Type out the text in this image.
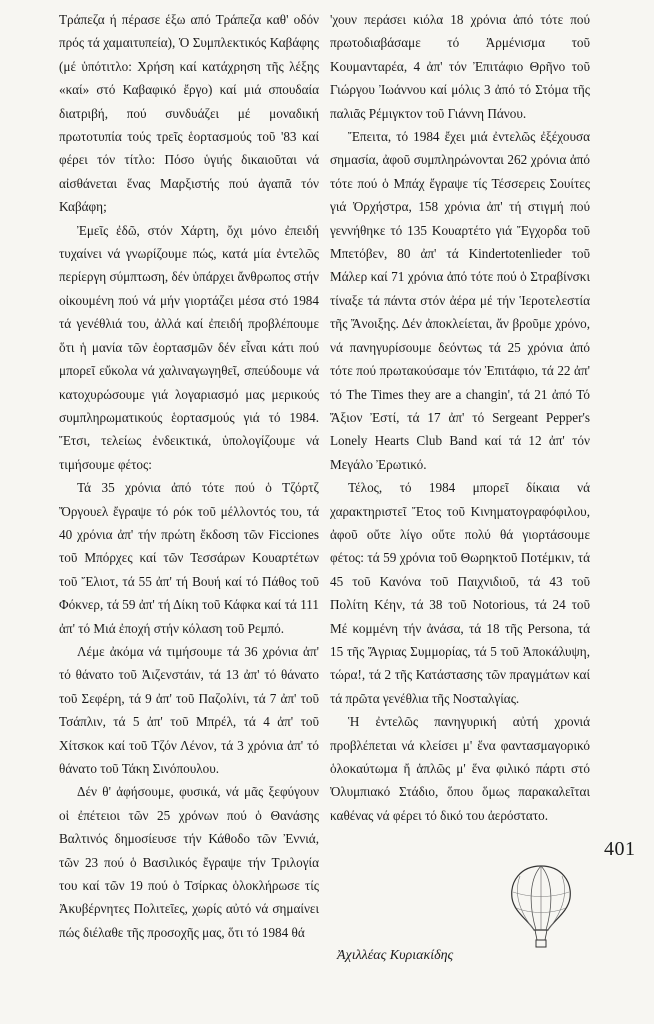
Τράπεζα ή πέρασε έξω από Τράπεζα καθ' οδόν πρός τά χαμαιτυπεία), Ὁ Συμπλεκτικός Καβάφης (μέ ὑπότιτλο: Χρήση καί κατάχρηση τῆς λέξης «καί» στό Καβαφικό ἔργο) καί μιά σπουδαία διατριβή, πού συνδυάζει μέ μοναδική πρωτοτυπία τούς τρεῖς ἑορτασμούς τοῦ '83 καί φέρει τόν τίτλο: Πόσο ὑγιής δικαιοῦται νά αἰσθάνεται ἕνας Μαρξιστής πού ἀγαπᾶ τόν Καβάφη;

Ἐμεῖς ἐδῶ, στόν Χάρτη, ὄχι μόνο ἐπειδή τυχαίνει νά γνωρίζουμε πώς, κατά μία ἐντελῶς περίεργη σύμπτωση, δέν ὑπάρχει ἄνθρωπος στήν οἰκουμένη πού νά μήν γιορτάζει μέσα στό 1984 τά γενέθλιά του, ἀλλά καί ἐπειδή προβλέπουμε ὅτι ἡ μανία τῶν ἑορτασμῶν δέν εἶναι κάτι πού μπορεῖ εὔκολα νά χαλιναγωγηθεῖ, σπεύδουμε νά κατοχυρώσουμε γιά λογαριασμό μας μερικούς συμπληρωματικούς ἑορτασμούς γιά τό 1984. Ἔτσι, τελείως ἐνδεικτικά, ὑπολογίζουμε νά τιμήσουμε φέτος:

Τά 35 χρόνια ἀπό τότε πού ὁ Τζόρτζ Ὄργουελ ἔγραψε τό ρόκ τοῦ μέλλοντός του, τά 40 χρόνια ἀπ' τήν πρώτη ἔκδοση τῶν Ficciones τοῦ Μπόρχες καί τῶν Τεσσάρων Κουαρτέτων τοῦ Ἔλιοτ, τά 55 ἀπ' τή Βουή καί τό Πάθος τοῦ Φόκνερ, τά 59 ἀπ' τή Δίκη τοῦ Κάφκα καί τά 111 ἀπ' τό Μιά ἐποχή στήν κόλαση τοῦ Ρεμπό.

Λέμε ἀκόμα νά τιμήσουμε τά 36 χρόνια ἀπ' τό θάνατο τοῦ Ἀιζενστάιν, τά 13 ἀπ' τό θάνατο τοῦ Σεφέρη, τά 9 ἀπ' τοῦ Παζολίνι, τά 7 ἀπ' τοῦ Τσάπλιν, τά 5 ἀπ' τοῦ Μπρέλ, τά 4 ἀπ' τοῦ Χίτσκοκ καί τοῦ Τζόν Λένον, τά 3 χρόνια ἀπ' τό θάνατο τοῦ Τάκη Σινόπουλου.

Δέν θ' ἀφήσουμε, φυσικά, νά μᾶς ξεφύγουν οἱ ἐπέτειοι τῶν 25 χρόνων πού ὁ Θανάσης Βαλτινός δημοσίευσε τήν Κάθοδο τῶν Ἐννιά, τῶν 23 πού ὁ Βασιλικός ἔγραψε τήν Τριλογία του καί τῶν 19 πού ὁ Τσίρκας ὁλοκλήρωσε τίς Ἀκυβέρνητες Πολιτεῖες, χωρίς αὐτό νά σημαίνει πώς διέλαθε τῆς προσοχῆς μας, ὅτι τό 1984 θά

'χουν περάσει κιόλα 18 χρόνια ἀπό τότε πού πρωτοδιαβάσαμε τό Ἀρμένισμα τοῦ Κουμανταρέα, 4 ἀπ' τόν Ἐπιτάφιο Θρῆνο τοῦ Γιώργου Ἰωάννου καί μόλις 3 ἀπό τό Στόμα τῆς παλιᾶς Ρέμιγκτον τοῦ Γιάννη Πάνου.

Ἔπειτα, τό 1984 ἔχει μιά ἐντελῶς ἐξέχουσα σημασία, ἀφοῦ συμπληρώνονται 262 χρόνια ἀπό τότε πού ὁ Μπάχ ἔγραψε τίς Τέσσερεις Σουίτες γιά Ὀρχήστρα, 158 χρόνια ἀπ' τή στιγμή πού γεννήθηκε τό 135 Κουαρτέτο γιά Ἔγχορδα τοῦ Μπετόβεν, 80 ἀπ' τά Kindertotenlieder τοῦ Μάλερ καί 71 χρόνια ἀπό τότε πού ὁ Στραβίνσκι τίναξε τά πάντα στόν ἀέρα μέ τήν Ἱεροτελεστία τῆς Ἄνοιξης. Δέν ἀποκλείεται, ἄν βροῦμε χρόνο, νά πανηγυρίσουμε δεόντως τά 25 χρόνια ἀπό τότε πού πρωτακούσαμε τόν Ἐπιτάφιο, τά 22 ἀπ' τό The Times they are a changin', τά 21 ἀπό Τό Ἄξιον Ἐστί, τά 17 ἀπ' τό Sergeant Pepper's Lonely Hearts Club Band καί τά 12 ἀπ' τόν Μεγάλο Ἐρωτικό.

Τέλος, τό 1984 μπορεῖ δίκαια νά χαρακτηριστεῖ Ἔτος τοῦ Κινηματογραφόφιλου, ἀφοῦ οὔτε λίγο οὔτε πολύ θά γιορτάσουμε φέτος: τά 59 χρόνια τοῦ Θωρηκτοῦ Ποτέμκιν, τά 45 τοῦ Κανόνα τοῦ Παιχνιδιοῦ, τά 43 τοῦ Πολίτη Κέην, τά 38 τοῦ Notorious, τά 24 τοῦ Μέ κομμένη τήν ἀνάσα, τά 18 τῆς Persona, τά 15 τῆς Ἄγριας Συμμορίας, τά 5 τοῦ Ἀποκάλυψη, τώρα!, τά 2 τῆς Κατάστασης τῶν πραγμάτων καί τά πρῶτα γενέθλια τῆς Νοσταλγίας.

Ἡ ἐντελῶς πανηγυρική αὐτή χρονιά προβλέπεται νά κλείσει μ' ἕνα φαντασμαγορικό ὁλοκαύτωμα ἤ ἁπλῶς μ' ἕνα φιλικό πάρτι στό Ὀλυμπιακό Στάδιο, ὅπου ὅμως παρακαλεῖται καθένας νά φέρει τό δικό του ἀερόστατο.

401
Ἀχιλλέας Κυριακίδης
